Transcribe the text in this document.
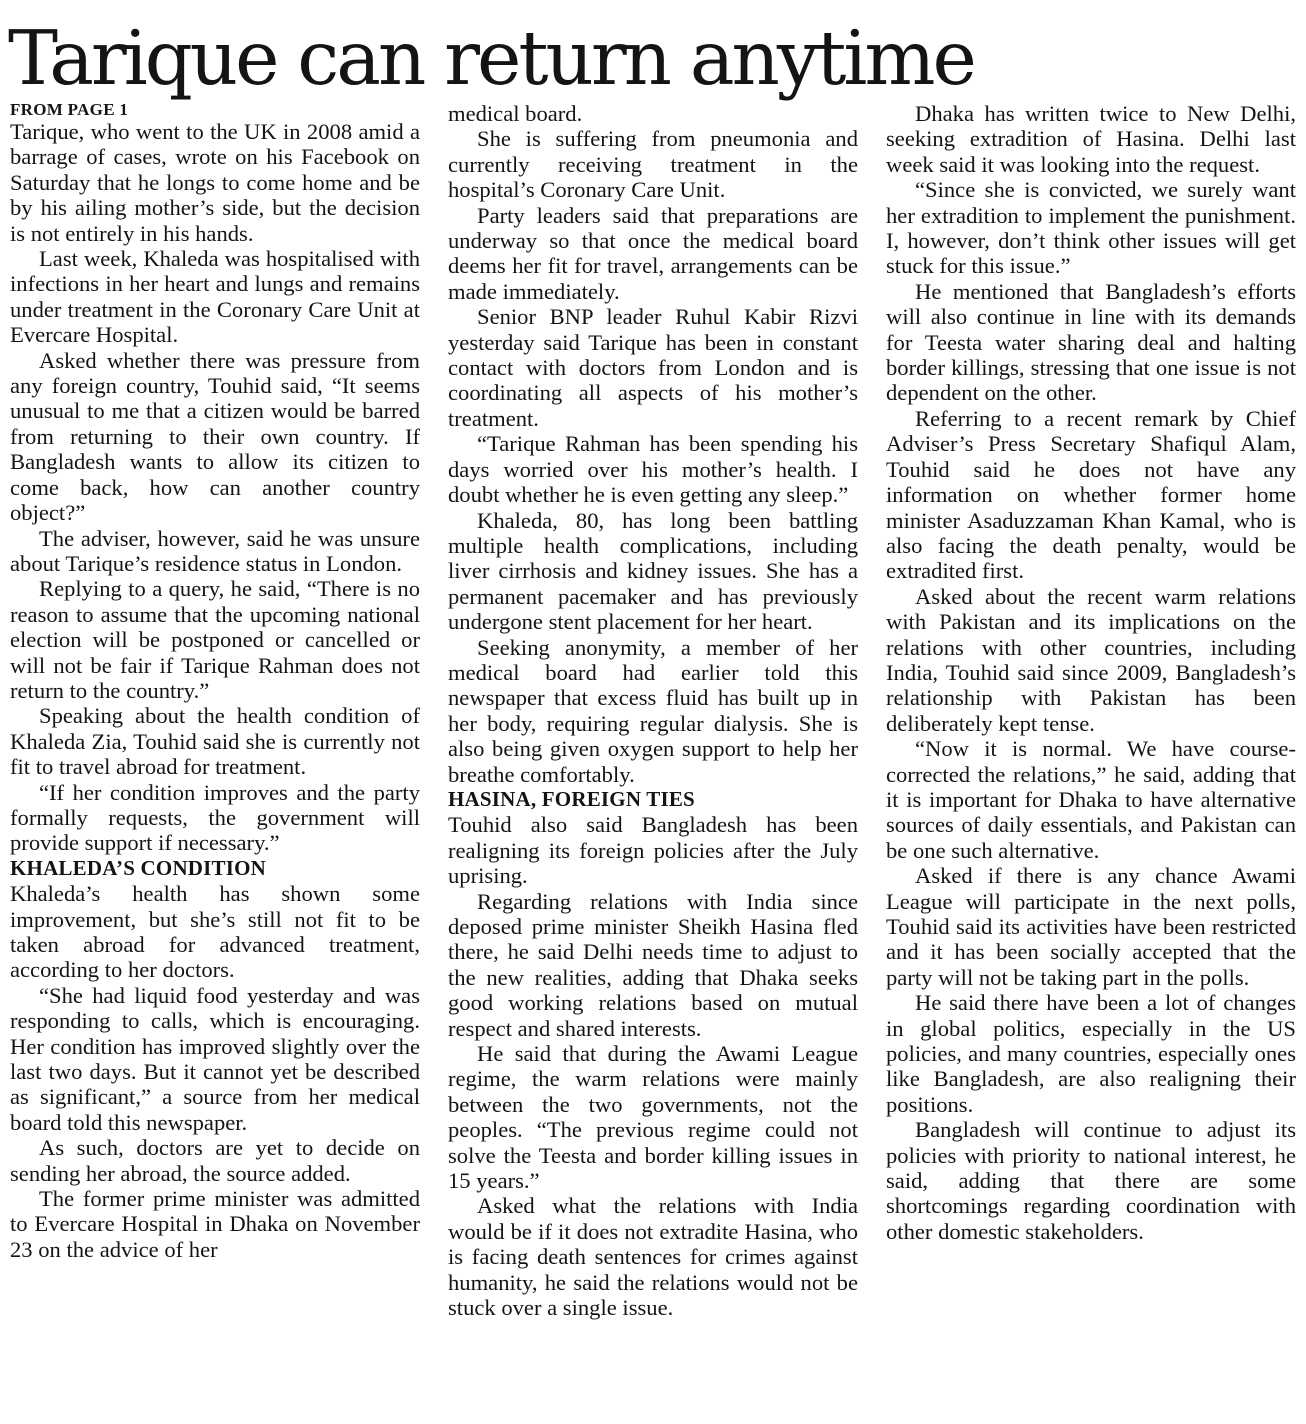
Tarique can return anytime
FROM PAGE 1

Tarique, who went to the UK in 2008 amid a barrage of cases, wrote on his Facebook on Saturday that he longs to come home and be by his ailing mother’s side, but the decision is not entirely in his hands.

Last week, Khaleda was hospitalised with infections in her heart and lungs and remains under treatment in the Coronary Care Unit at Evercare Hospital.

Asked whether there was pressure from any foreign country, Touhid said, “It seems unusual to me that a citizen would be barred from returning to their own country. If Bangladesh wants to allow its citizen to come back, how can another country object?”

The adviser, however, said he was unsure about Tarique’s residence status in London.

Replying to a query, he said, “There is no reason to assume that the upcoming national election will be postponed or cancelled or will not be fair if Tarique Rahman does not return to the country.”

Speaking about the health condition of Khaleda Zia, Touhid said she is currently not fit to travel abroad for treatment.

“If her condition improves and the party formally requests, the government will provide support if necessary.”

KHALEDA’S CONDITION

Khaleda’s health has shown some improvement, but she’s still not fit to be taken abroad for advanced treatment, according to her doctors.

“She had liquid food yesterday and was responding to calls, which is encouraging. Her condition has improved slightly over the last two days. But it cannot yet be described as significant,” a source from her medical board told this newspaper.

As such, doctors are yet to decide on sending her abroad, the source added.

The former prime minister was admitted to Evercare Hospital in Dhaka on November 23 on the advice of her

medical board.

She is suffering from pneumonia and currently receiving treatment in the hospital’s Coronary Care Unit.

Party leaders said that preparations are underway so that once the medical board deems her fit for travel, arrangements can be made immediately.

Senior BNP leader Ruhul Kabir Rizvi yesterday said Tarique has been in constant contact with doctors from London and is coordinating all aspects of his mother’s treatment.

“Tarique Rahman has been spending his days worried over his mother’s health. I doubt whether he is even getting any sleep.”

Khaleda, 80, has long been battling multiple health complications, including liver cirrhosis and kidney issues. She has a permanent pacemaker and has previously undergone stent placement for her heart.

Seeking anonymity, a member of her medical board had earlier told this newspaper that excess fluid has built up in her body, requiring regular dialysis. She is also being given oxygen support to help her breathe comfortably.

HASINA, FOREIGN TIES

Touhid also said Bangladesh has been realigning its foreign policies after the July uprising.

Regarding relations with India since deposed prime minister Sheikh Hasina fled there, he said Delhi needs time to adjust to the new realities, adding that Dhaka seeks good working relations based on mutual respect and shared interests.

He said that during the Awami League regime, the warm relations were mainly between the two governments, not the peoples. “The previous regime could not solve the Teesta and border killing issues in 15 years.”

Asked what the relations with India would be if it does not extradite Hasina, who is facing death sentences for crimes against humanity, he said the relations would not be stuck over a single issue.

Dhaka has written twice to New Delhi, seeking extradition of Hasina. Delhi last week said it was looking into the request.

“Since she is convicted, we surely want her extradition to implement the punishment. I, however, don’t think other issues will get stuck for this issue.”

He mentioned that Bangladesh’s efforts will also continue in line with its demands for Teesta water sharing deal and halting border killings, stressing that one issue is not dependent on the other.

Referring to a recent remark by Chief Adviser’s Press Secretary Shafiqul Alam, Touhid said he does not have any information on whether former home minister Asaduzzaman Khan Kamal, who is also facing the death penalty, would be extradited first.

Asked about the recent warm relations with Pakistan and its implications on the relations with other countries, including India, Touhid said since 2009, Bangladesh’s relationship with Pakistan has been deliberately kept tense.

“Now it is normal. We have course-corrected the relations,” he said, adding that it is important for Dhaka to have alternative sources of daily essentials, and Pakistan can be one such alternative.

Asked if there is any chance Awami League will participate in the next polls, Touhid said its activities have been restricted and it has been socially accepted that the party will not be taking part in the polls.

He said there have been a lot of changes in global politics, especially in the US policies, and many countries, especially ones like Bangladesh, are also realigning their positions.

Bangladesh will continue to adjust its policies with priority to national interest, he said, adding that there are some shortcomings regarding coordination with other domestic stakeholders.
